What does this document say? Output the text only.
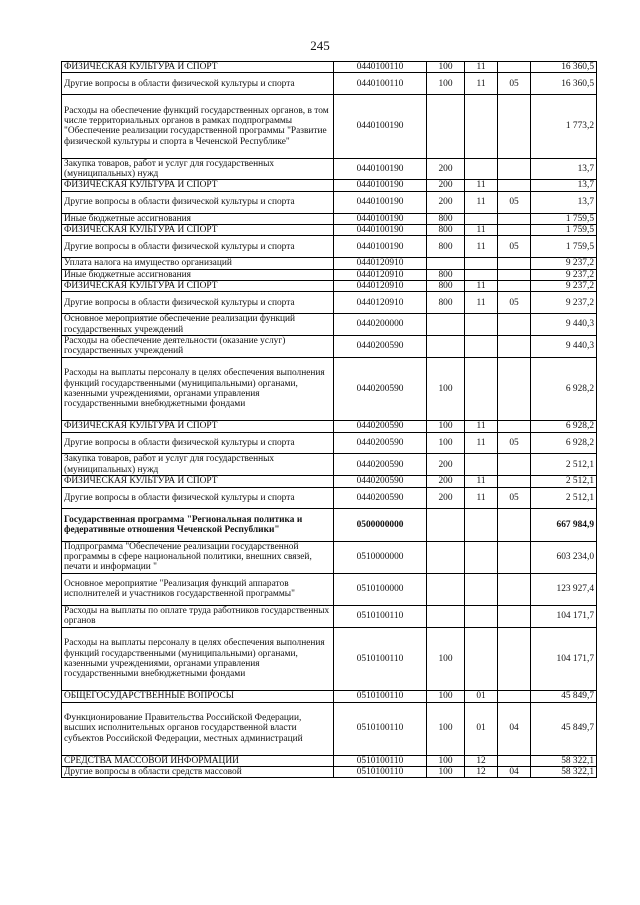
245
ФИЗИЧЕСКАЯ КУЛЬТУРА И СПОРТ	0440100110	100	11		16 360,5
Другие вопросы в области физической культуры и спорта	0440100110	100	11	05	16 360,5
Расходы на обеспечение функций государственных органов, в том числе территориальных органов в рамках подпрограммы "Обеспечение реализации государственной программы "Развитие физической культуры и спорта в Чеченской Республике"	0440100190				1 773,2
Закупка товаров, работ и услуг для государственных (муниципальных) нужд	0440100190	200			13,7
ФИЗИЧЕСКАЯ КУЛЬТУРА И СПОРТ	0440100190	200	11		13,7
Другие вопросы в области физической культуры и спорта	0440100190	200	11	05	13,7
Иные бюджетные ассигнования	0440100190	800			1 759,5
ФИЗИЧЕСКАЯ КУЛЬТУРА И СПОРТ	0440100190	800	11		1 759,5
Другие вопросы в области физической культуры и спорта	0440100190	800	11	05	1 759,5
Уплата налога на имущество организаций	0440120910				9 237,2
Иные бюджетные ассигнования	0440120910	800			9 237,2
ФИЗИЧЕСКАЯ КУЛЬТУРА И СПОРТ	0440120910	800	11		9 237,2
Другие вопросы в области физической культуры и спорта	0440120910	800	11	05	9 237,2
Основное мероприятие обеспечение реализации функций государственных учреждений	0440200000				9 440,3
Расходы на обеспечение деятельности (оказание услуг) государственных учреждений	0440200590				9 440,3
Расходы на выплаты персоналу в целях обеспечения выполнения функций государственными (муниципальными) органами, казенными учреждениями, органами управления государственными внебюджетными фондами	0440200590	100			6 928,2
ФИЗИЧЕСКАЯ КУЛЬТУРА И СПОРТ	0440200590	100	11		6 928,2
Другие вопросы в области физической культуры и спорта	0440200590	100	11	05	6 928,2
Закупка товаров, работ и услуг для государственных (муниципальных) нужд	0440200590	200			2 512,1
ФИЗИЧЕСКАЯ КУЛЬТУРА И СПОРТ	0440200590	200	11		2 512,1
Другие вопросы в области физической культуры и спорта	0440200590	200	11	05	2 512,1
Государственная программа "Региональная политика и федеративные отношения Чеченской Республики"	0500000000				667 984,9
Подпрограмма "Обеспечение реализации государственной программы в сфере национальной политики, внешних связей, печати и информации "	0510000000				603 234,0
Основное мероприятие "Реализация функций аппаратов исполнителей и участников государственной программы"	0510100000				123 927,4
Расходы на выплаты по оплате труда работников государственных органов	0510100110				104 171,7
Расходы на выплаты персоналу в целях обеспечения выполнения функций государственными (муниципальными) органами, казенными учреждениями, органами управления государственными внебюджетными фондами	0510100110	100			104 171,7
ОБЩЕГОСУДАРСТВЕННЫЕ ВОПРОСЫ	0510100110	100	01		45 849,7
Функционирование Правительства Российской Федерации, высших исполнительных органов государственной власти субъектов Российской Федерации, местных администраций	0510100110	100	01	04	45 849,7
СРЕДСТВА МАССОВОЙ ИНФОРМАЦИИ	0510100110	100	12		58 322,1
Другие вопросы в области средств массовой	0510100110	100	12	04	58 322,1
